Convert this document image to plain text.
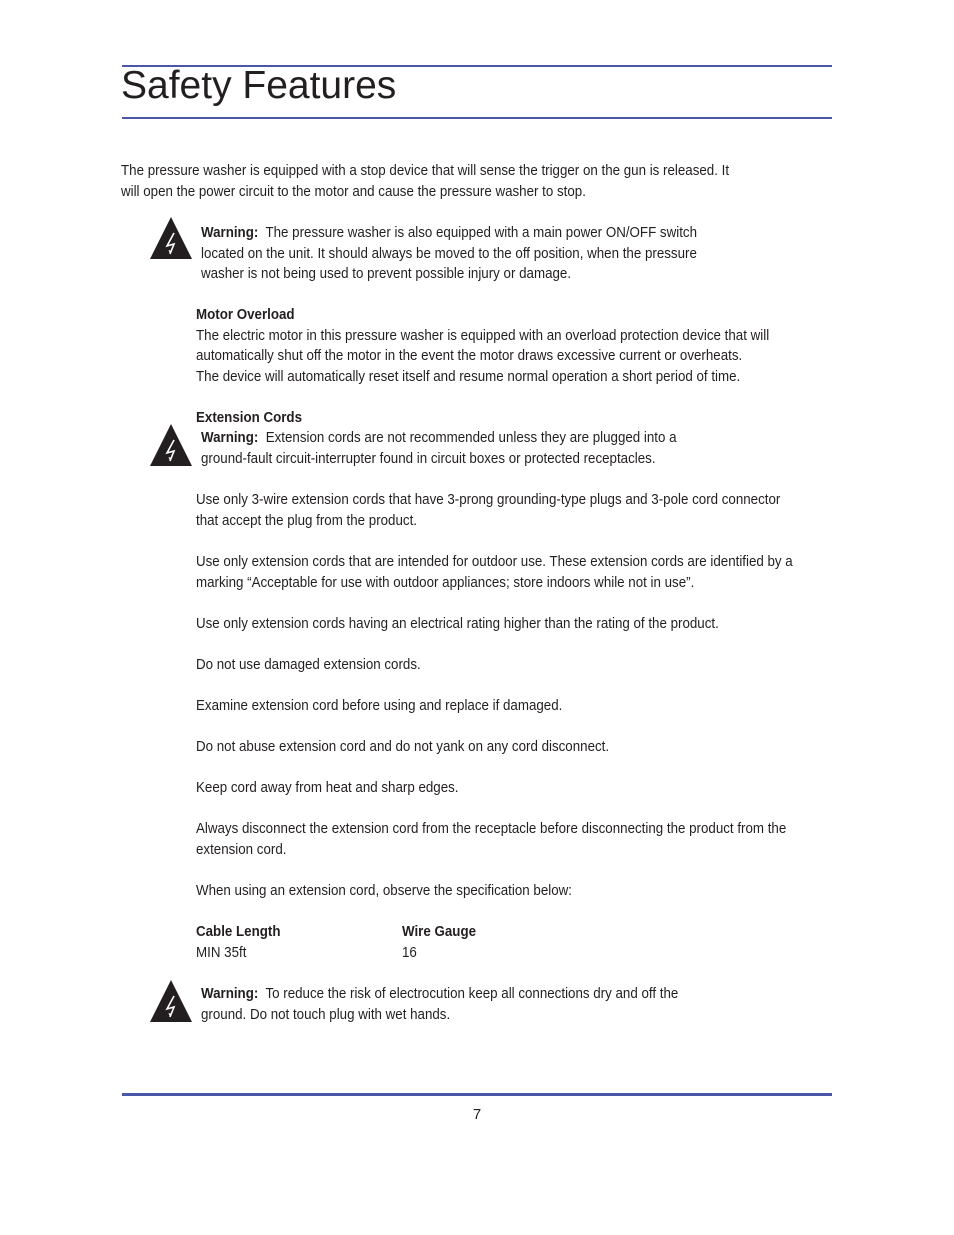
Safety Features
The pressure washer is equipped with a stop device that will sense the trigger on the gun is released. It
will open the power circuit to the motor and cause the pressure washer to stop.
Warning: The pressure washer is also equipped with a main power ON/OFF switch
located on the unit. It should always be moved to the off position, when the pressure
washer is not being used to prevent possible injury or damage.
Motor Overload
The electric motor in this pressure washer is equipped with an overload protection device that will
automatically shut off the motor in the event the motor draws excessive current or overheats.
The device will automatically reset itself and resume normal operation a short period of time.
Extension Cords
Warning: Extension cords are not recommended unless they are plugged into a
ground-fault circuit-interrupter found in circuit boxes or protected receptacles.
Use only 3-wire extension cords that have 3-prong grounding-type plugs and 3-pole cord connector
that accept the plug from the product.
Use only extension cords that are intended for outdoor use. These extension cords are identified by a
marking “Acceptable for use with outdoor appliances; store indoors while not in use”.
Use only extension cords having an electrical rating higher than the rating of the product.
Do not use damaged extension cords.
Examine extension cord before using and replace if damaged.
Do not abuse extension cord and do not yank on any cord disconnect.
Keep cord away from heat and sharp edges.
Always disconnect the extension cord from the receptacle before disconnecting the product from the
extension cord.
When using an extension cord, observe the specification below:
Cable Length	Wire Gauge
MIN 35ft	16
Warning: To reduce the risk of electrocution keep all connections dry and off the
ground. Do not touch plug with wet hands.
7
